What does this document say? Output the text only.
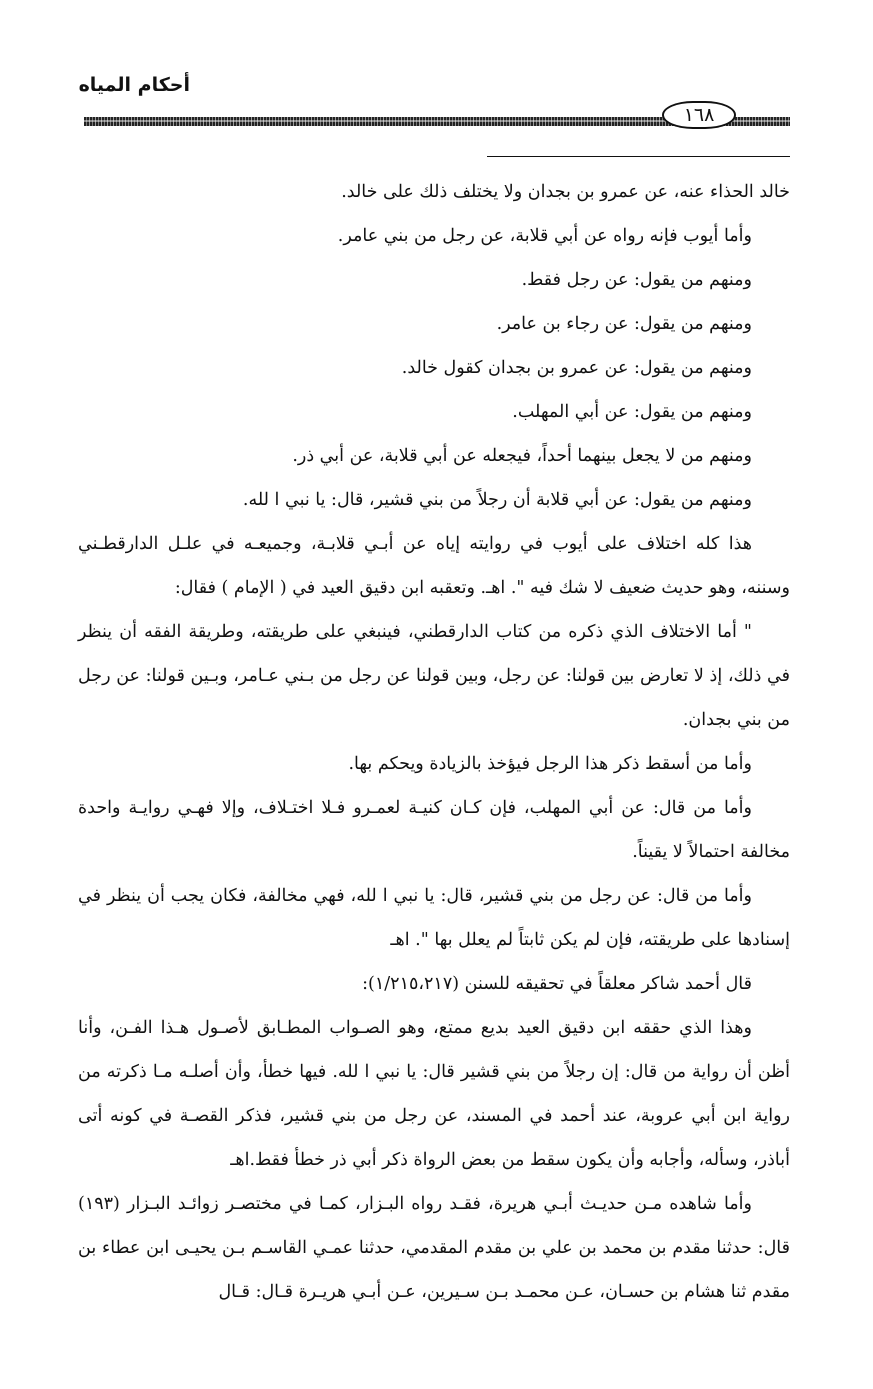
أحكام المياه
١٦٨

خالد الحذاء عنه، عن عمرو بن بجدان ولا يختلف ذلك على خالد.

وأما أيوب فإنه رواه عن أبي قلابة، عن رجل من بني عامر.

ومنهم من يقول: عن رجل فقط.

ومنهم من يقول: عن رجاء بن عامر.

ومنهم من يقول: عن عمرو بن بجدان كقول خالد.

ومنهم من يقول: عن أبي المهلب.

ومنهم من لا يجعل بينهما أحداً، فيجعله عن أبي قلابة، عن أبي ذر.

ومنهم من يقول: عن أبي قلابة أن رجلاً من بني قشير، قال: يا نبي ا لله.

هذا كله اختلاف على أيوب في روايته إياه عن أبـي قلابـة، وجميعـه في علـل الدارقطـني وسننه، وهو حديث ضعيف لا شك فيه ". اهـ. وتعقبه ابن دقيق العيد في ( الإمام ) فقال:

" أما الاختلاف الذي ذكره من كتاب الدارقطني، فينبغي على طريقته، وطريقة الفقه أن ينظر في ذلك، إذ لا تعارض بين قولنا: عن رجل، وبين قولنا عن رجل من بـني عـامر، وبـين قولنا: عن رجل من بني بجدان.

وأما من أسقط ذكر هذا الرجل فيؤخذ بالزيادة ويحكم بها.

وأما من قال: عن أبي المهلب، فإن كـان كنيـة لعمـرو فـلا اختـلاف، وإلا فهـي روايـة واحدة مخالفة احتمالاً لا يقيناً.

وأما من قال: عن رجل من بني قشير، قال: يا نبي ا لله، فهي مخالفة، فكان يجب أن ينظر في إسنادها على طريقته، فإن لم يكن ثابتاً لم يعلل بها ". اهـ

قال أحمد شاكر معلقاً في تحقيقه للسنن (١/٢١٥،٢١٧):

وهذا الذي حققه ابن دقيق العيد بديع ممتع، وهو الصـواب المطـابق لأصـول هـذا الفـن، وأنا أظن أن رواية من قال: إن رجلاً من بني قشير قال: يا نبي ا لله. فيها خطأ، وأن أصلـه مـا ذكرته من رواية ابن أبي عروبة، عند أحمد في المسند، عن رجل من بني قشير، فذكر القصـة في كونه أتى أباذر، وسأله، وأجابه وأن يكون سقط من بعض الرواة ذكر أبي ذر خطأ فقط.اهـ

وأما شاهده مـن حديـث أبـي هريرة، فقـد رواه البـزار، كمـا في مختصـر زوائـد البـزار (١٩٣) قال: حدثنا مقدم بن محمد بن علي بن مقدم المقدمي، حدثنا عمـي القاسـم بـن يحيـى ابن عطاء بن مقدم ثنا هشام بن حسـان، عـن محمـد بـن سـيرين، عـن أبـي هريـرة قـال: قـال
